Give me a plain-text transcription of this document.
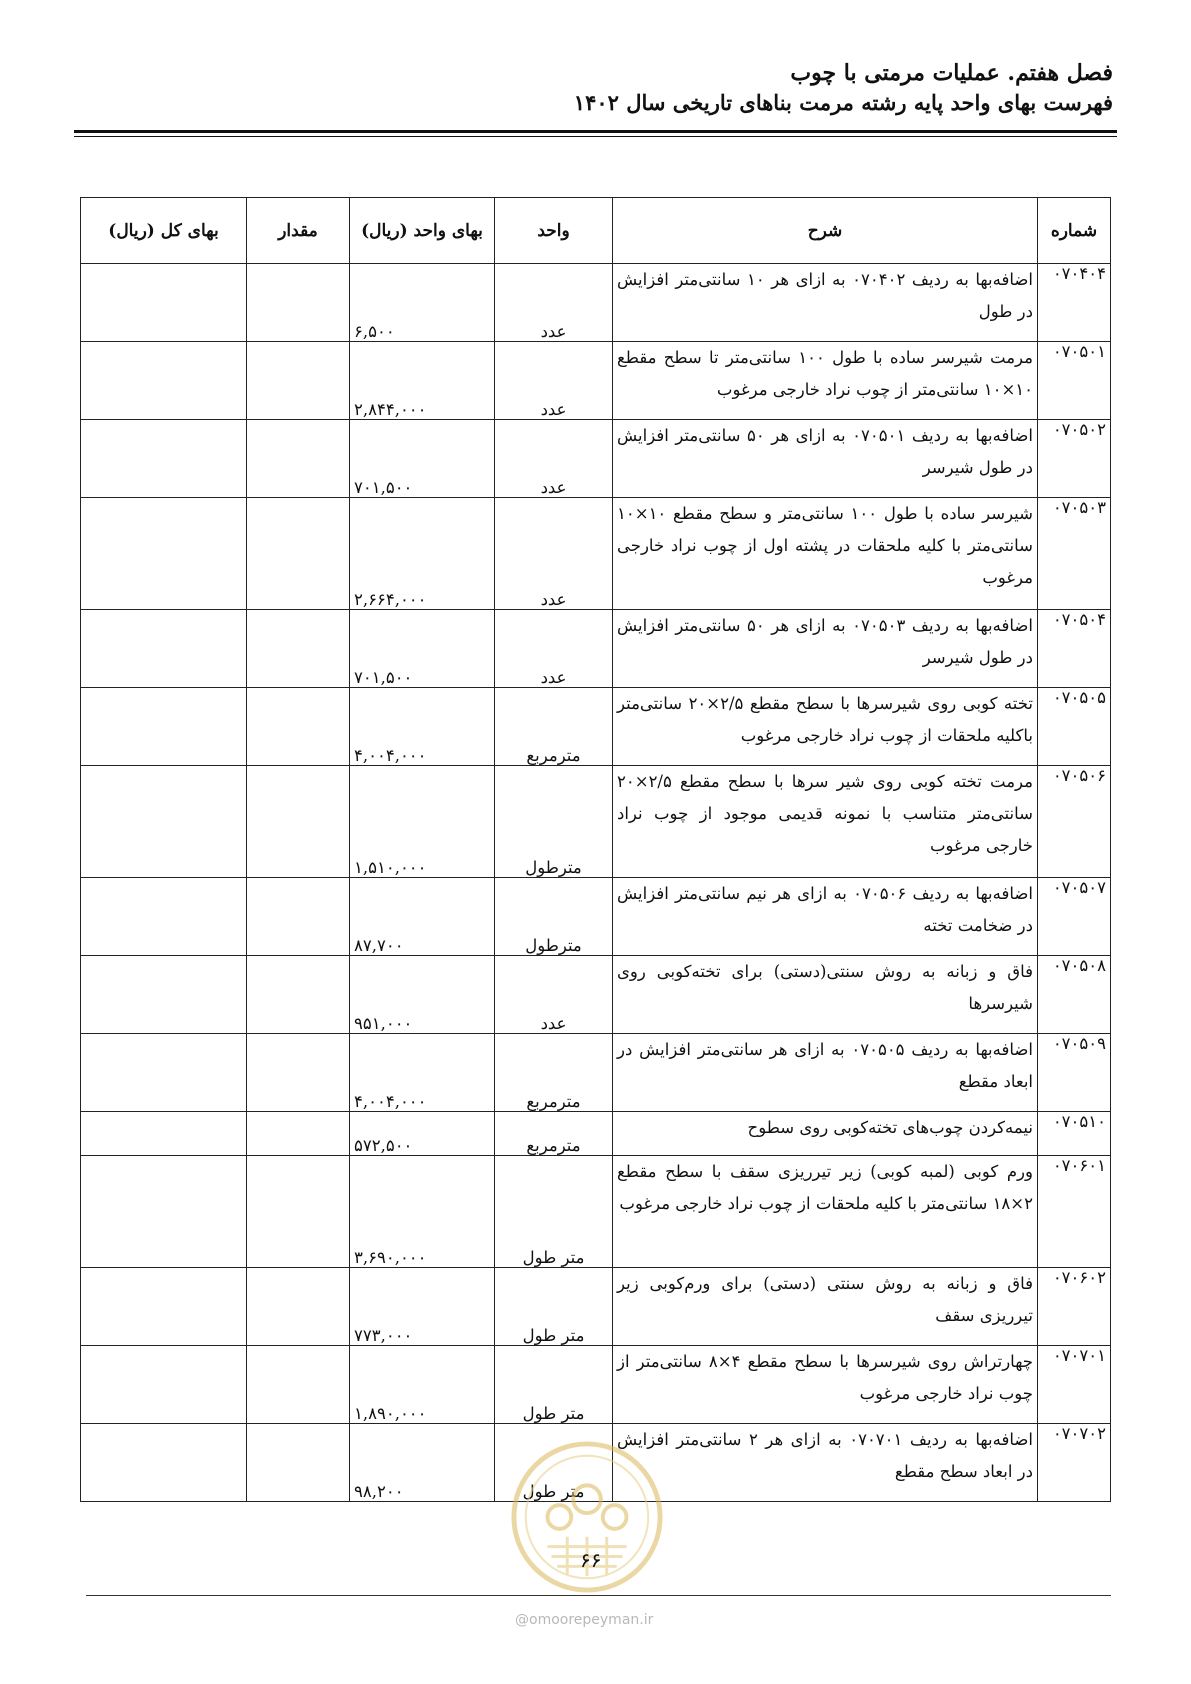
فصل هفتم. عملیات مرمتی با چوب
فهرست بهای واحد پایه رشته مرمت بناهای تاریخی سال ۱۴۰۲
شماره	شرح	واحد	بهای واحد (ریال)	مقدار	بهای کل (ریال)
۰۷۰۴۰۴	اضافه‌بها به ردیف ۰۷۰۴۰۲ به ازای هر ۱۰ سانتی‌متر افزایش در طول	عدد	۶,۵۰۰		
۰۷۰۵۰۱	مرمت شیرسر ساده با طول ۱۰۰ سانتی‌متر تا سطح مقطع ۱۰×۱۰ سانتی‌متر از چوب نراد خارجی مرغوب	عدد	۲,۸۴۴,۰۰۰		
۰۷۰۵۰۲	اضافه‌بها به ردیف ۰۷۰۵۰۱ به ازای هر ۵۰ سانتی‌متر افزایش در طول شیرسر	عدد	۷۰۱,۵۰۰		
۰۷۰۵۰۳	شیرسر ساده با طول ۱۰۰ سانتی‌متر و سطح مقطع ۱۰×۱۰ سانتی‌متر با کلیه ملحقات در پشته اول از چوب نراد خارجی مرغوب	عدد	۲,۶۶۴,۰۰۰		
۰۷۰۵۰۴	اضافه‌بها به ردیف ۰۷۰۵۰۳ به ازای هر ۵۰ سانتی‌متر افزایش در طول شیرسر	عدد	۷۰۱,۵۰۰		
۰۷۰۵۰۵	تخته کوبی روی شیرسرها با سطح مقطع ۲/۵×۲۰ سانتی‌متر باکلیه ملحقات از چوب نراد خارجی مرغوب	مترمربع	۴,۰۰۴,۰۰۰		
۰۷۰۵۰۶	مرمت تخته کوبی روی شیر سرها با سطح مقطع ۲/۵×۲۰ سانتی‌متر متناسب با نمونه قدیمی موجود از چوب نراد خارجی مرغوب	مترطول	۱,۵۱۰,۰۰۰		
۰۷۰۵۰۷	اضافه‌بها به ردیف ۰۷۰۵۰۶ به ازای هر نیم سانتی‌متر افزایش در ضخامت تخته	مترطول	۸۷,۷۰۰		
۰۷۰۵۰۸	فاق و زبانه به روش سنتی(دستی) برای تخته‌کوبی روی شیرسرها	عدد	۹۵۱,۰۰۰		
۰۷۰۵۰۹	اضافه‌بها به ردیف ۰۷۰۵۰۵ به ازای هر سانتی‌متر افزایش در ابعاد مقطع	مترمربع	۴,۰۰۴,۰۰۰		
۰۷۰۵۱۰	نیمه‌کردن چوب‌های تخته‌کوبی روی سطوح	مترمربع	۵۷۲,۵۰۰		
۰۷۰۶۰۱	ورم کوبی (لمبه کوبی) زیر تیرریزی سقف با سطح مقطع ۲×۱۸ سانتی‌متر با کلیه ملحقات از چوب نراد خارجی مرغوب	متر طول	۳,۶۹۰,۰۰۰		
۰۷۰۶۰۲	فاق و زبانه به روش سنتی (دستی) برای ورم‌کوبی زیر تیرریزی سقف	متر طول	۷۷۳,۰۰۰		
۰۷۰۷۰۱	چهارتراش روی شیرسرها با سطح مقطع ۴×۸ سانتی‌متر از چوب نراد خارجی مرغوب	متر طول	۱,۸۹۰,۰۰۰		
۰۷۰۷۰۲	اضافه‌بها به ردیف ۰۷۰۷۰۱ به ازای هر ۲ سانتی‌متر افزایش در ابعاد سطح مقطع	متر طول	۹۸,۲۰۰		
۶۶
@omoorepeyman.ir
